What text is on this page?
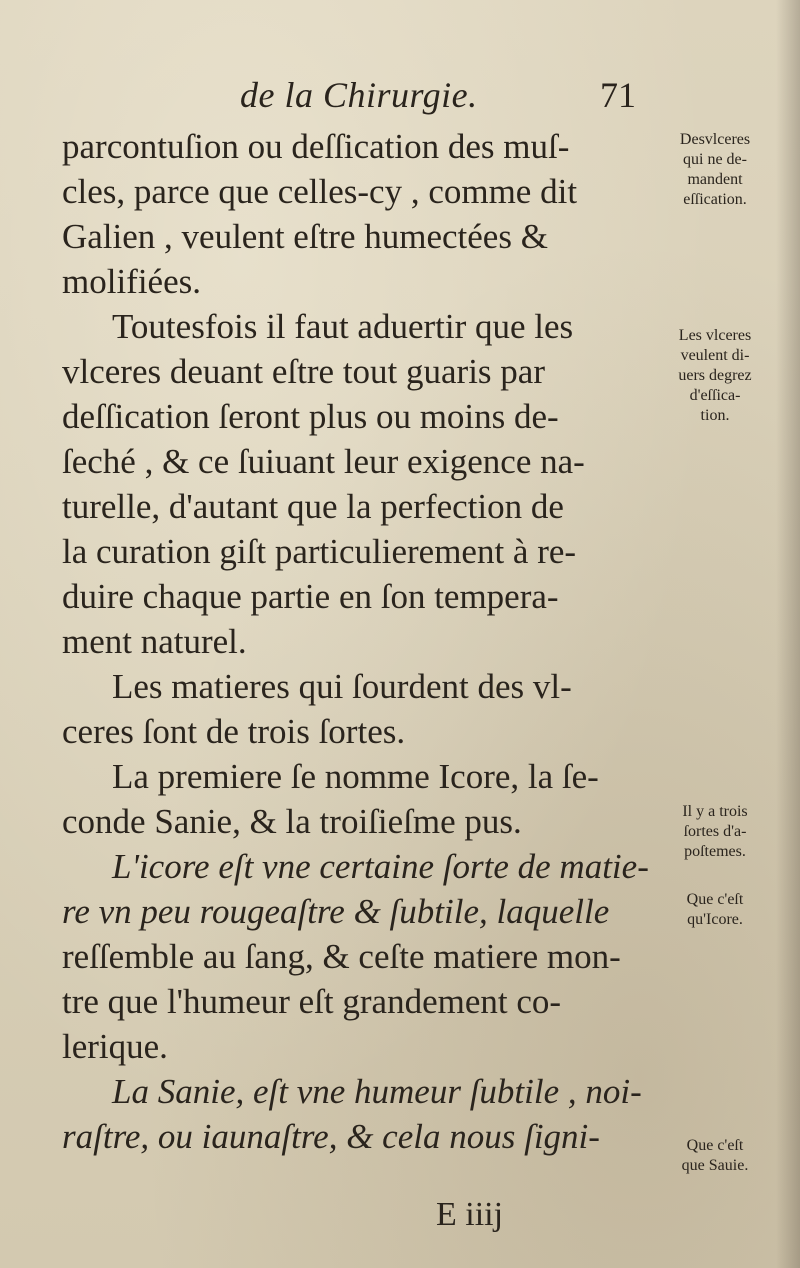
de la Chirurgie.	71
parcontuſion ou deſſication des muſ-
cles, parce que celles-cy , comme dit
Galien , veulent eſtre humectées &
molifiées.
Toutesfois il faut aduertir que les
vlceres deuant eſtre tout guaris par
deſſication ſeront plus ou moins de-
ſeché , & ce ſuiuant leur exigence na-
turelle, d'autant que la perfection de
la curation giſt particulierement à re-
duire chaque partie en ſon tempera-
ment naturel.
Les matieres qui ſourdent des vl-
ceres ſont de trois ſortes.
La premiere ſe nomme Icore, la ſe-
conde Sanie, & la troiſieſme pus.
L'icore eſt vne certaine ſorte de matie-
re vn peu rougeaſtre & ſubtile, laquelle
reſſemble au ſang, & ceſte matiere mon-
tre que l'humeur eſt grandement co-
lerique.
La Sanie, eſt vne humeur ſubtile , noi-
raſtre, ou iaunaſtre, & cela nous ſigni-
Desvlceres
qui ne de-
mandent
eſſication.
Les vlceres
veulent di-
uers degrez
d'eſſica-
tion.
Il y a trois
ſortes d'a-
poſtemes.
Que c'eſt
qu'Icore.
Que c'eſt
que Sauie.
E iiij
